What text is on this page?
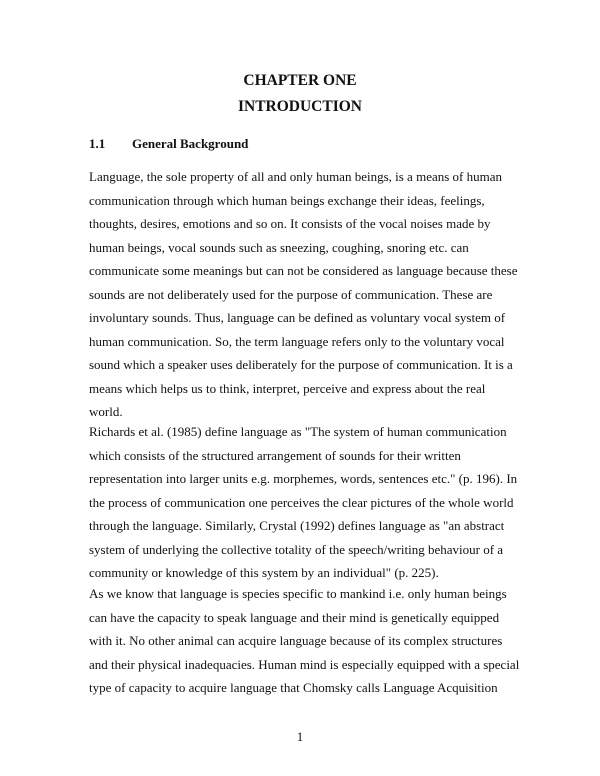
CHAPTER ONE
INTRODUCTION
1.1 General Background

Language, the sole property of all and only human beings, is a means of human
communication through which human beings exchange their ideas, feelings,
thoughts, desires, emotions and so on. It consists of the vocal noises made by
human beings, vocal sounds such as sneezing, coughing, snoring etc. can
communicate some meanings but can not be considered as language because these
sounds are not deliberately used for the purpose of communication. These are
involuntary sounds. Thus, language can be defined as voluntary vocal system of
human communication. So, the term language refers only to the voluntary vocal
sound which a speaker uses deliberately for the purpose of communication. It is a
means which helps us to think, interpret, perceive and express about the real
world.

Richards et al. (1985) define language as "The system of human communication
which consists of the structured arrangement of sounds for their written
representation into larger units e.g. morphemes, words, sentences etc." (p. 196). In
the process of communication one perceives the clear pictures of the whole world
through the language. Similarly, Crystal (1992) defines language as "an abstract
system of underlying the collective totality of the speech/writing behaviour of a
community or knowledge of this system by an individual" (p. 225).

As we know that language is species specific to mankind i.e. only human beings
can have the capacity to speak language and their mind is genetically equipped
with it. No other animal can acquire language because of its complex structures
and their physical inadequacies. Human mind is especially equipped with a special
type of capacity to acquire language that Chomsky calls Language Acquisition

1
